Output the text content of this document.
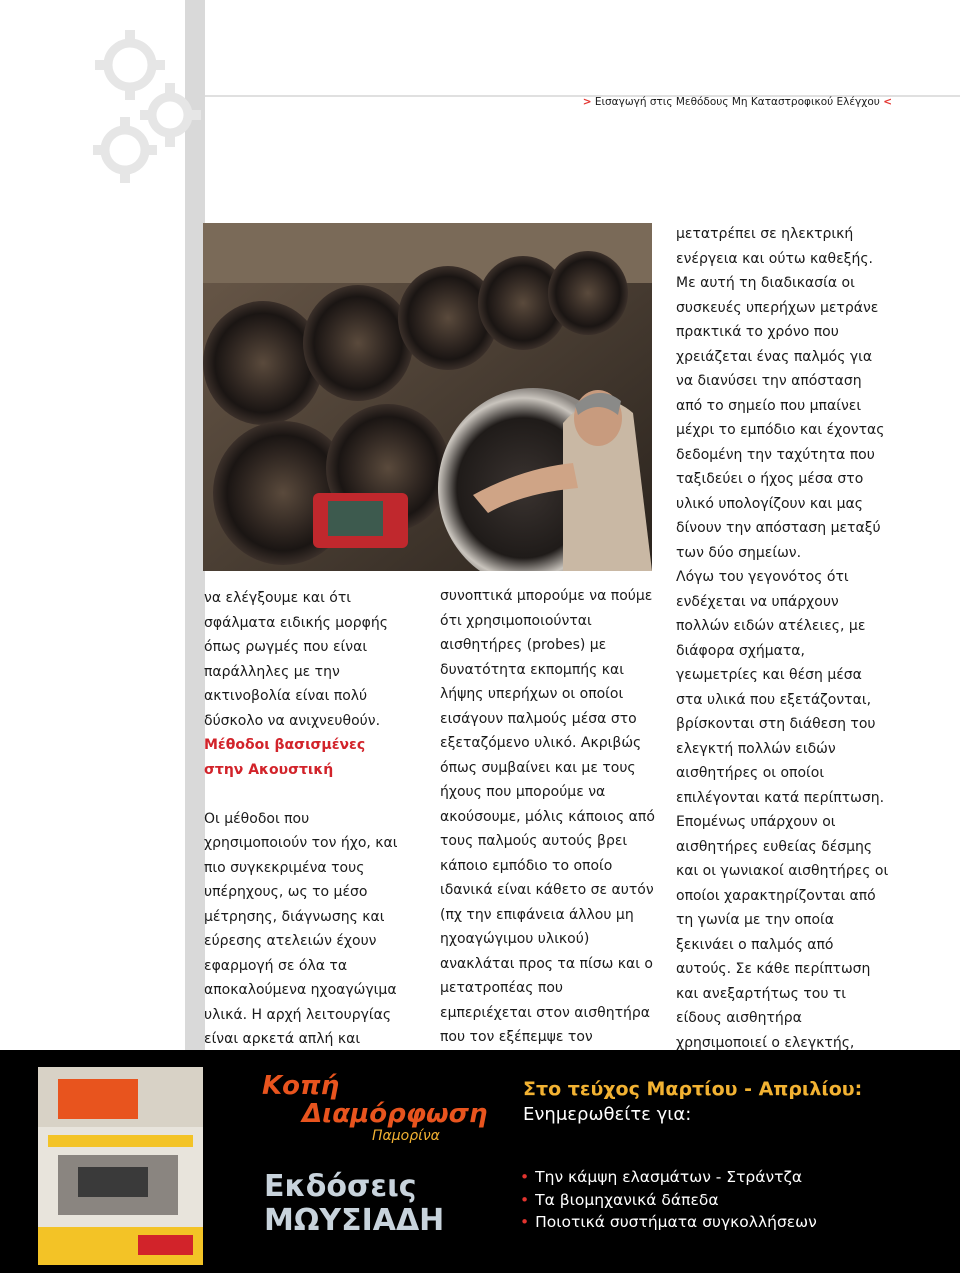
> Εισαγωγή στις Μεθόδους Μη Καταστροφικού Ελέγχου <

να ελέγξουμε και ότι σφάλματα ειδικής μορφής όπως ρωγμές που είναι παράλληλες με την ακτινοβολία είναι πολύ δύσκολο να ανιχνευθούν.

Μέθοδοι βασισμένες στην Ακουστική

Οι μέθοδοι που χρησιμοποιούν τον ήχο, και πιο συγκεκριμένα τους υπέρηχους, ως το μέσο μέτρησης, διάγνωσης και εύρεσης ατελειών έχουν εφαρμογή σε όλα τα αποκαλούμενα ηχοαγώγιμα υλικά. Η αρχή λειτουργίας είναι αρκετά απλή και

συνοπτικά μπορούμε να πούμε ότι χρησιμοποιούνται αισθητήρες (probes) με δυνατότητα εκπομπής και λήψης υπερήχων οι οποίοι εισάγουν παλμούς μέσα στο εξεταζόμενο υλικό. Ακριβώς όπως συμβαίνει και με τους ήχους που μπορούμε να ακούσουμε, μόλις κάποιος από τους παλμούς αυτούς βρει κάποιο εμπόδιο το οποίο ιδανικά είναι κάθετο σε αυτόν (πχ την επιφάνεια άλλου μη ηχοαγώγιμου υλικού) ανακλάται προς τα πίσω και ο μετατροπέας που εμπεριέχεται στον αισθητήρα που τον εξέπεμψε τον

μετατρέπει σε ηλεκτρική ενέργεια και ούτω καθεξής. Με αυτή τη διαδικασία οι συσκευές υπερήχων μετράνε πρακτικά το χρόνο που χρειάζεται ένας παλμός για να διανύσει την απόσταση από το σημείο που μπαίνει μέχρι το εμπόδιο και έχοντας δεδομένη την ταχύτητα που ταξιδεύει ο ήχος μέσα στο υλικό υπολογίζουν και μας δίνουν την απόσταση μεταξύ των δύο σημείων.

Λόγω του γεγονότος ότι ενδέχεται να υπάρχουν πολλών ειδών ατέλειες, με διάφορα σχήματα, γεωμετρίες και θέση μέσα στα υλικά που εξετάζονται, βρίσκονται στη διάθεση του ελεγκτή πολλών ειδών αισθητήρες οι οποίοι επιλέγονται κατά περίπτωση. Επομένως υπάρχουν οι αισθητήρες ευθείας δέσμης και οι γωνιακοί αισθητήρες οι οποίοι χαρακτηρίζονται από τη γωνία με την οποία ξεκινάει ο παλμός από αυτούς. Σε κάθε περίπτωση και ανεξαρτήτως του τι είδους αισθητήρα χρησιμοποιεί ο ελεγκτής,

Κοπή
Διαμόρφωση
Παμορίνα
Εκδόσεις
ΜΩΥΣΙΑΔΗ
Στο τεύχος Μαρτίου - Απριλίου:
Ενημερωθείτε για:
• Την κάμψη ελασμάτων - Στράντζα
• Τα βιομηχανικά δάπεδα
• Ποιοτικά συστήματα συγκολλήσεων
